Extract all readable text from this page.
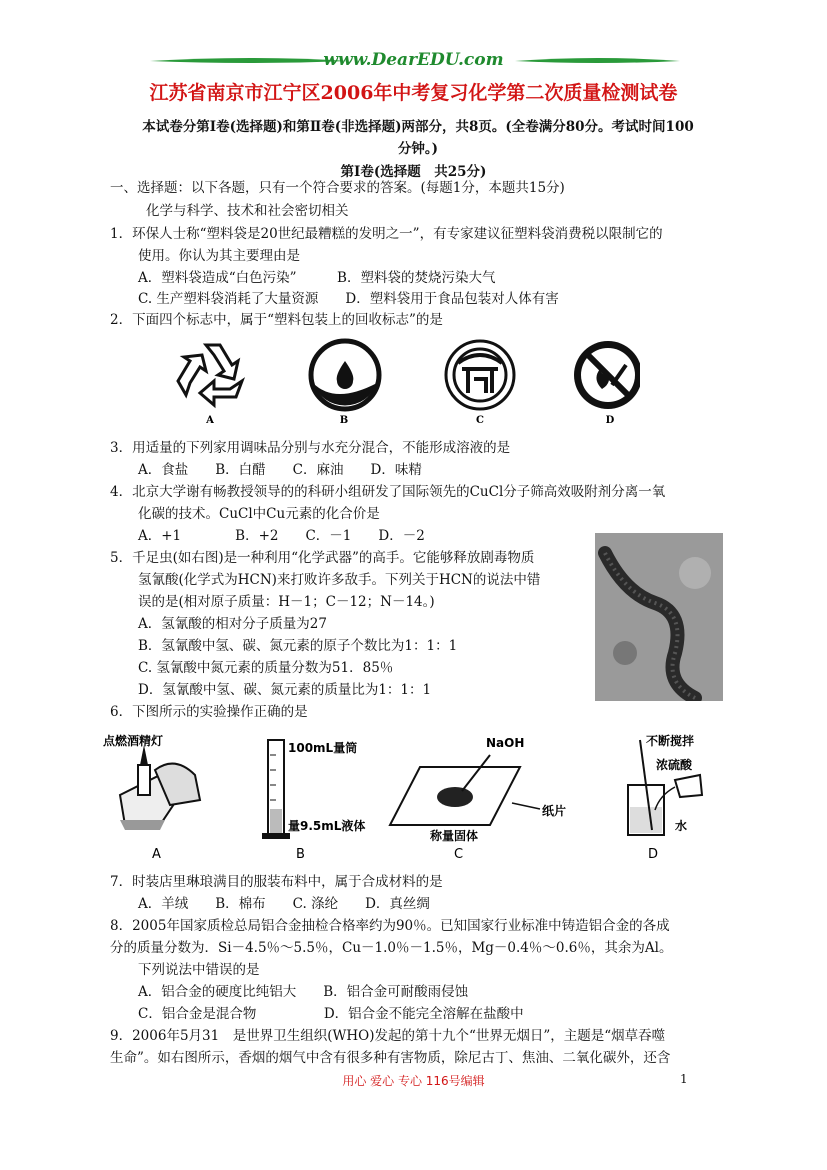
www.DearEDU.com
江苏省南京市江宁区2006年中考复习化学第二次质量检测试卷
本试卷分第Ⅰ卷(选择题)和第Ⅱ卷(非选择题)两部分，共8页。(全卷满分80分。考试时间100
分钟。)
第Ⅰ卷(选择题　共25分)
一、选择题：以下各题，只有一个符合要求的答案。(每题1分，本题共15分)
化学与科学、技术和社会密切相关
1．环保人士称“塑料袋是20世纪最糟糕的发明之一”，有专家建议征塑料袋消费税以限制它的
使用。你认为其主要理由是
A．塑料袋造成“白色污染”　　　B．塑料袋的焚烧污染大气
C. 生产塑料袋消耗了大量资源　　D．塑料袋用于食品包装对人体有害
2．下面四个标志中，属于“塑料包装上的回收标志”的是
A	B	C	D
3．用适量的下列家用调味品分别与水充分混合，不能形成溶液的是
A．食盐　　B．白醋　　C．麻油　　D．味精
4．北京大学谢有畅教授领导的的科研小组研发了国际领先的CuCl分子筛高效吸附剂分离一氧
化碳的技术。CuCl中Cu元素的化合价是
A．+1　　　　B．+2　　C．－1　　D．－2
5．千足虫(如右图)是一种利用“化学武器”的高手。它能够释放剧毒物质
氢氰酸(化学式为HCN)来打败许多敌手。下列关于HCN的说法中错
误的是(相对原子质量：H－1；C－12；N－14。)
A．氢氰酸的相对分子质量为27
B．氢氰酸中氢、碳、氮元素的原子个数比为1：1：1
C. 氢氰酸中氮元素的质量分数为51．85％
D．氢氰酸中氢、碳、氮元素的质量比为1：1：1
6．下图所示的实验操作正确的是
点燃酒精灯
A
100mL量筒
量9.5mL液体
B
NaOH
纸片
称量固体
C
不断搅拌
浓硫酸
水
D
7．时装店里琳琅满目的服装布料中，属于合成材料的是
A．羊绒　　B．棉布　　C. 涤纶　　D．真丝绸
8．2005年国家质检总局铝合金抽检合格率约为90％。已知国家行业标准中铸造铝合金的各成
分的质量分数为．Si－4.5％～5.5％，Cu－1.0％－1.5％，Mg－0.4％～0.6％，其余为Al。
下列说法中错误的是
A．铝合金的硬度比纯铝大　　B．铝合金可耐酸雨侵蚀
C．铝合金是混合物　　　　　D．铝合金不能完全溶解在盐酸中
9．2006年5月31　是世界卫生组织(WHO)发起的第十九个“世界无烟日”，主题是“烟草吞噬
生命”。如右图所示，香烟的烟气中含有很多种有害物质，除尼古丁、焦油、二氧化碳外，还含
用心 爱心 专心 116号编辑	1
